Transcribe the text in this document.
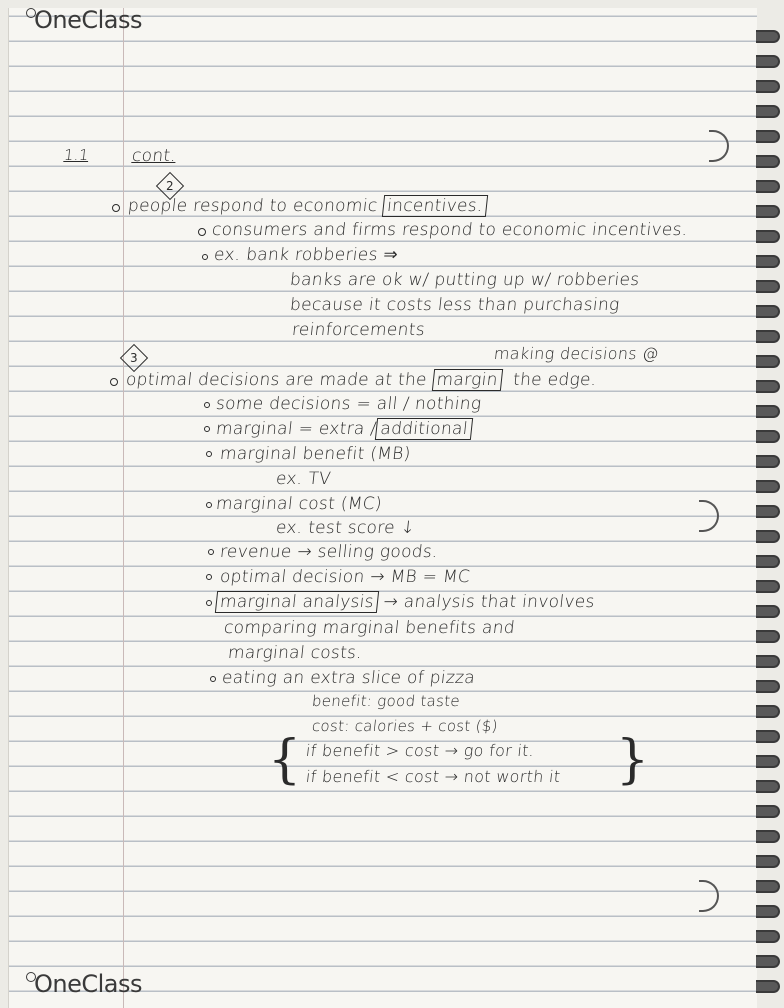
OneClass
OneClass
1.1 cont.
2
people respond to economic incentives.
consumers and firms respond to economic incentives.
ex. bank robberies ⇒
banks are ok w/ putting up w/ robberies
because it costs less than purchasing
reinforcements
3	making decisions @
optimal decisions are made at the margin the edge.
some decisions = all / nothing
marginal = extra / additional
marginal benefit (MB)
ex. TV
marginal cost (MC)
ex. test score ↓
revenue → selling goods.
optimal decision → MB = MC
marginal analysis → analysis that involves
comparing marginal benefits and
marginal costs.
eating an extra slice of pizza
benefit: good taste
cost: calories + cost ($)
{ if benefit > cost → go for it.
if benefit < cost → not worth it }
